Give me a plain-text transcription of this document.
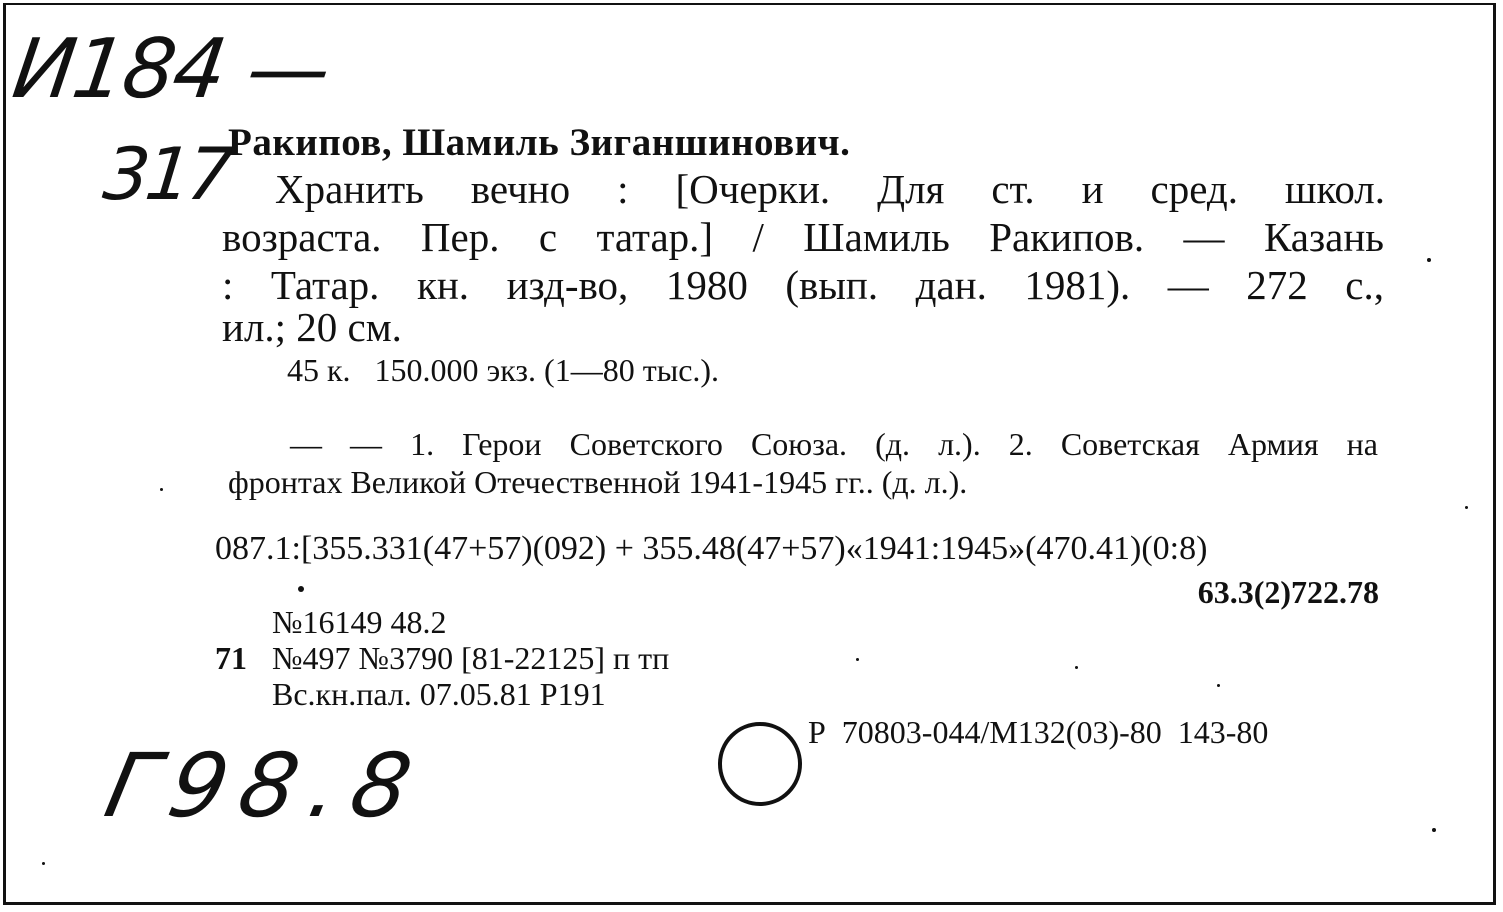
И184 —
317
Г98.8
Ракипов, Шамиль Зиганшинович.
Хранить вечно : [Очерки. Для ст. и сред. школ.
возраста. Пер. с татар.] / Шамиль Ракипов. — Казань
: Татар. кн. изд-во, 1980 (вып. дан. 1981). — 272 с.,
ил.; 20 см.
45 к.   150.000 экз. (1—80 тыс.).
— — 1. Герои Советского Союза. (д. л.). 2. Советская Армия на
фронтах Великой Отечественной 1941-1945 гг.. (д. л.).
087.1:[355.331(47+57)(092) + 355.48(47+57)«1941:1945»(470.41)(0:8)
63.3(2)722.78
№16149 48.2
71 №497 №3790 [81-22125] п тп
Вс.кн.пал. 07.05.81 Р191
Р  70803-044/М132(03)-80  143-80
